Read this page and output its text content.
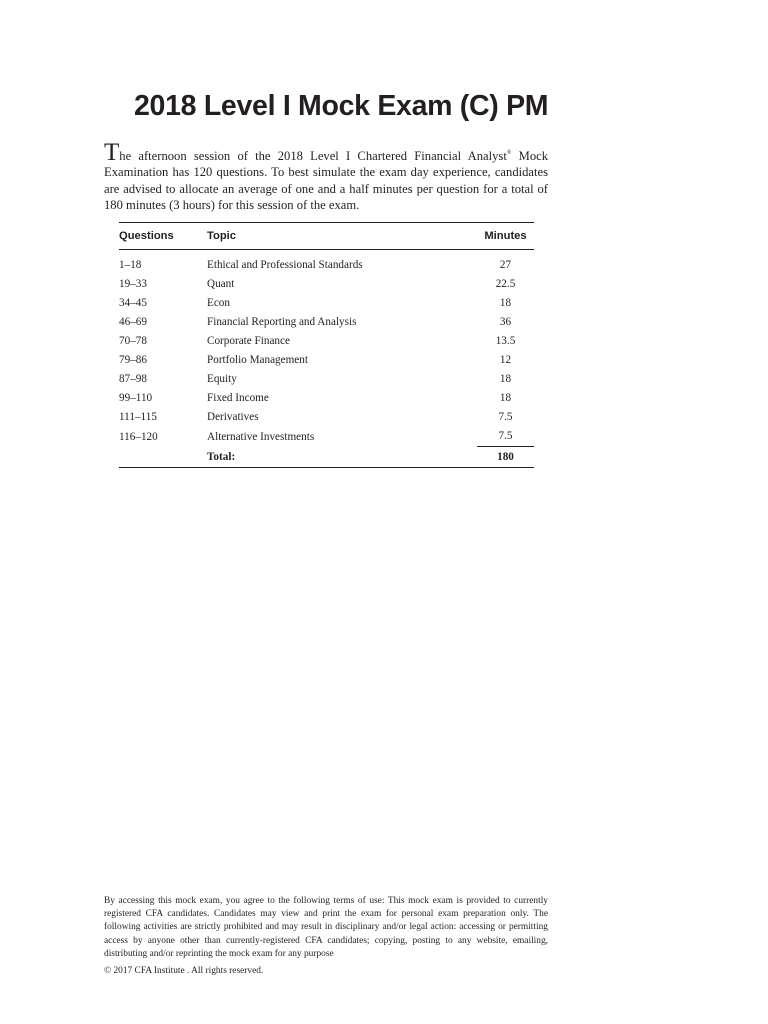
2018 Level I Mock Exam (C) PM

The afternoon session of the 2018 Level I Chartered Financial Analyst® Mock Examination has 120 questions. To best simulate the exam day experience, candidates are advised to allocate an average of one and a half minutes per question for a total of 180 minutes (3 hours) for this session of the exam.

Questions	Topic	Minutes
1–18	Ethical and Professional Standards	27
19–33	Quant	22.5
34–45	Econ	18
46–69	Financial Reporting and Analysis	36
70–78	Corporate Finance	13.5
79–86	Portfolio Management	12
87–98	Equity	18
99–110	Fixed Income	18
111–115	Derivatives	7.5
116–120	Alternative Investments	7.5
	Total:	180

By accessing this mock exam, you agree to the following terms of use: This mock exam is provided to currently registered CFA candidates. Candidates may view and print the exam for personal exam preparation only. The following activities are strictly prohibited and may result in disciplinary and/or legal action: accessing or permitting access by anyone other than currently-registered CFA candidates; copying, posting to any website, emailing, distributing and/or reprinting the mock exam for any purpose

© 2017 CFA Institute . All rights reserved.
